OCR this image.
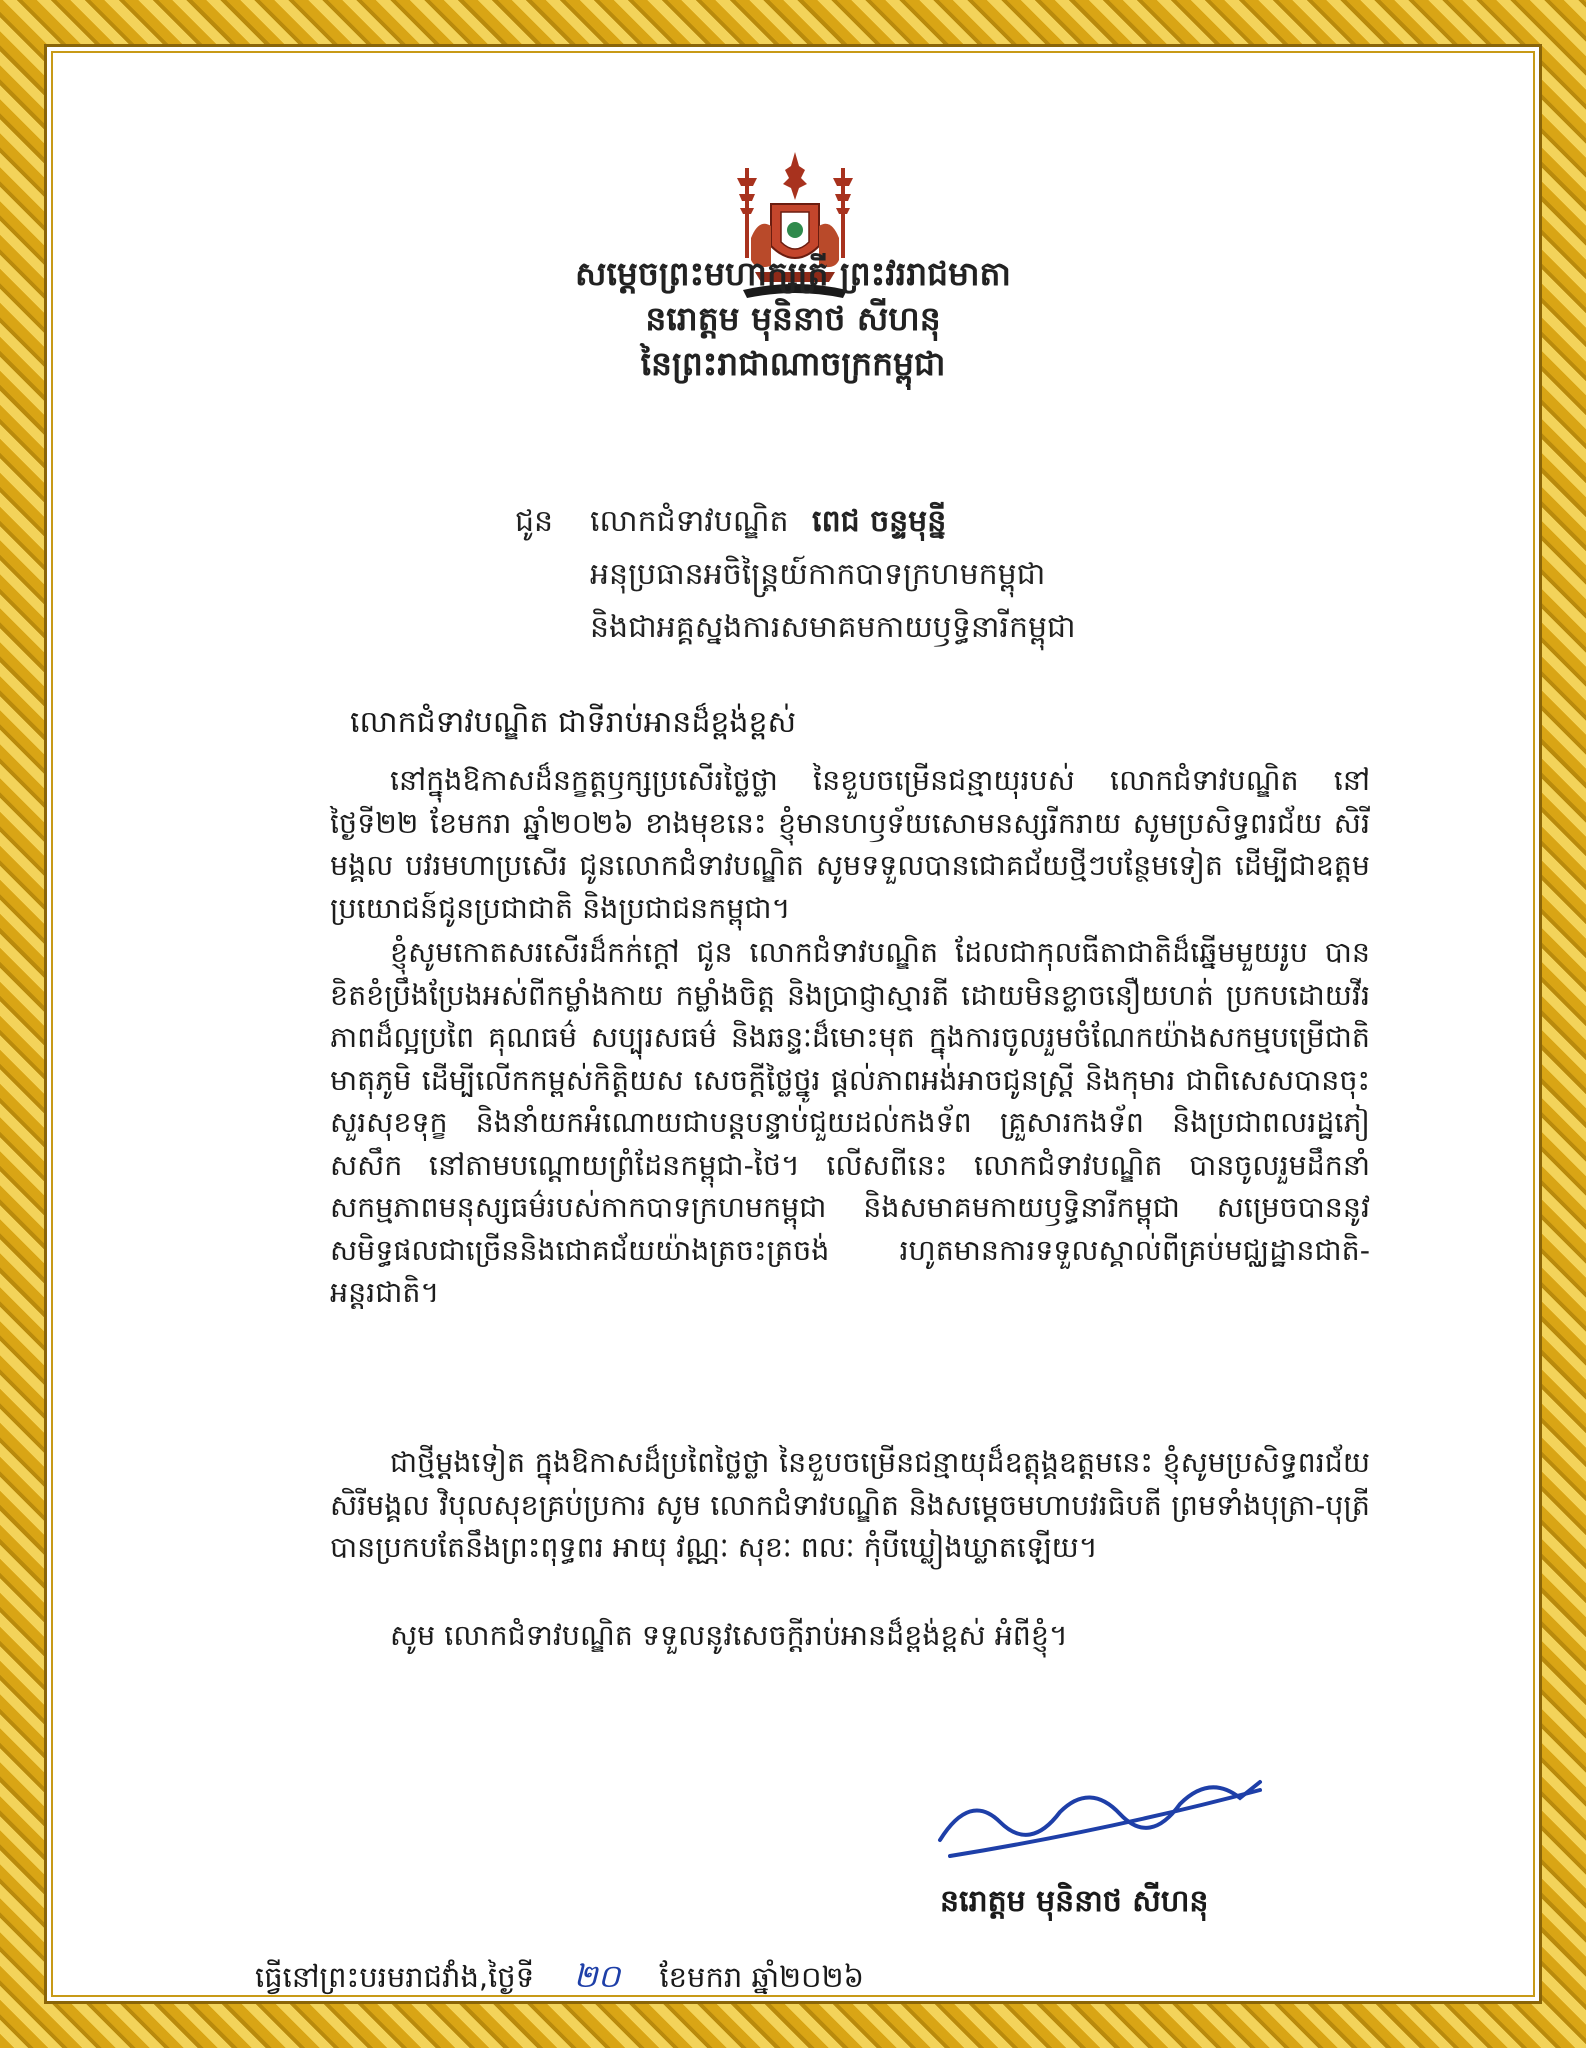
សម្ដេចព្រះមហាក្សត្រី ព្រះវររាជមាតា
នរោត្តម មុនិនាថ សីហនុ
នៃព្រះរាជាណាចក្រកម្ពុជា
ជូន លោកជំទាវបណ្ឌិត ពេជ ចន្ទមុន្នី
អនុប្រធានអចិន្ត្រៃយ៍កាកបាទក្រហមកម្ពុជា
និងជាអគ្គស្នងការសមាគមកាយឫទ្ធិនារីកម្ពុជា
លោកជំទាវបណ្ឌិត ជាទីរាប់អានដ៏ខ្ពង់ខ្ពស់

នៅក្នុងឱកាសដ៏នក្ខត្តឫក្សប្រសើរថ្លៃថ្លា នៃខួបចម្រើនជន្មាយុរបស់ លោកជំទាវបណ្ឌិត នៅថ្ងៃទី២២ ខែមករា ឆ្នាំ២០២៦ ខាងមុខនេះ ខ្ញុំមានហឫទ័យសោមនស្សរីករាយ សូមប្រសិទ្ធពរជ័យ សិរីមង្គល បវរមហាប្រសើរ ជូនលោកជំទាវបណ្ឌិត សូមទទួលបានជោគជ័យថ្មីៗបន្ថែមទៀត ដើម្បីជាឧត្តមប្រយោជន៍ជូនប្រជាជាតិ និងប្រជាជនកម្ពុជា។

ខ្ញុំសូមកោតសរសើរដ៏កក់ក្ដៅ ជូន លោកជំទាវបណ្ឌិត ដែលជាកុលធីតាជាតិដ៏ឆ្នើមមួយរូប បានខិតខំប្រឹងប្រែងអស់ពីកម្លាំងកាយ កម្លាំងចិត្ត និងប្រាជ្ញាស្មារតី ដោយមិនខ្លាចនឿយហត់ ប្រកបដោយវីរភាពដ៏ល្អប្រពៃ គុណធម៌ សប្បុរសធម៌ និងឆន្ទៈដ៏មោះមុត ក្នុងការចូលរួមចំណែកយ៉ាងសកម្មបម្រើជាតិ មាតុភូមិ ដើម្បីលើកកម្ពស់កិត្តិយស សេចក្ដីថ្លៃថ្នូរ ផ្ដល់ភាពអង់អាចជូនស្ត្រី និងកុមារ ជាពិសេសបានចុះសួរសុខទុក្ខ និងនាំយកអំណោយជាបន្តបន្ទាប់ជួយដល់កងទ័ព គ្រួសារកងទ័ព និងប្រជាពលរដ្ឋភៀសសឹក នៅតាមបណ្ដោយព្រំដែនកម្ពុជា-ថៃ។ លើសពីនេះ លោកជំទាវបណ្ឌិត បានចូលរួមដឹកនាំសកម្មភាពមនុស្សធម៌របស់កាកបាទក្រហមកម្ពុជា និងសមាគមកាយឫទ្ធិនារីកម្ពុជា សម្រេចបាននូវសមិទ្ធផលជាច្រើននិងជោគជ័យយ៉ាងត្រចះត្រចង់ រហូតមានការទទួលស្គាល់ពីគ្រប់មជ្ឈដ្ឋានជាតិ-អន្តរជាតិ។

ជាថ្មីម្ដងទៀត ក្នុងឱកាសដ៏ប្រពៃថ្លៃថ្លា នៃខួបចម្រើនជន្មាយុដ៏ឧត្តុង្គឧត្តមនេះ ខ្ញុំសូមប្រសិទ្ធពរជ័យ សិរីមង្គល វិបុលសុខគ្រប់ប្រការ សូម លោកជំទាវបណ្ឌិត និងសម្ដេចមហាបវរធិបតី ព្រមទាំងបុត្រា-បុត្រី បានប្រកបតែនឹងព្រះពុទ្ធពរ អាយុ វណ្ណៈ សុខៈ ពលៈ កុំបីឃ្លៀងឃ្លាតឡើយ។

សូម លោកជំទាវបណ្ឌិត ទទួលនូវសេចក្ដីរាប់អានដ៏ខ្ពង់ខ្ពស់ អំពីខ្ញុំ។

នរោត្តម មុនិនាថ សីហនុ
ធ្វើនៅព្រះបរមរាជវាំង,ថ្ងៃទី ២០ ខែមករា ឆ្នាំ២០២៦
